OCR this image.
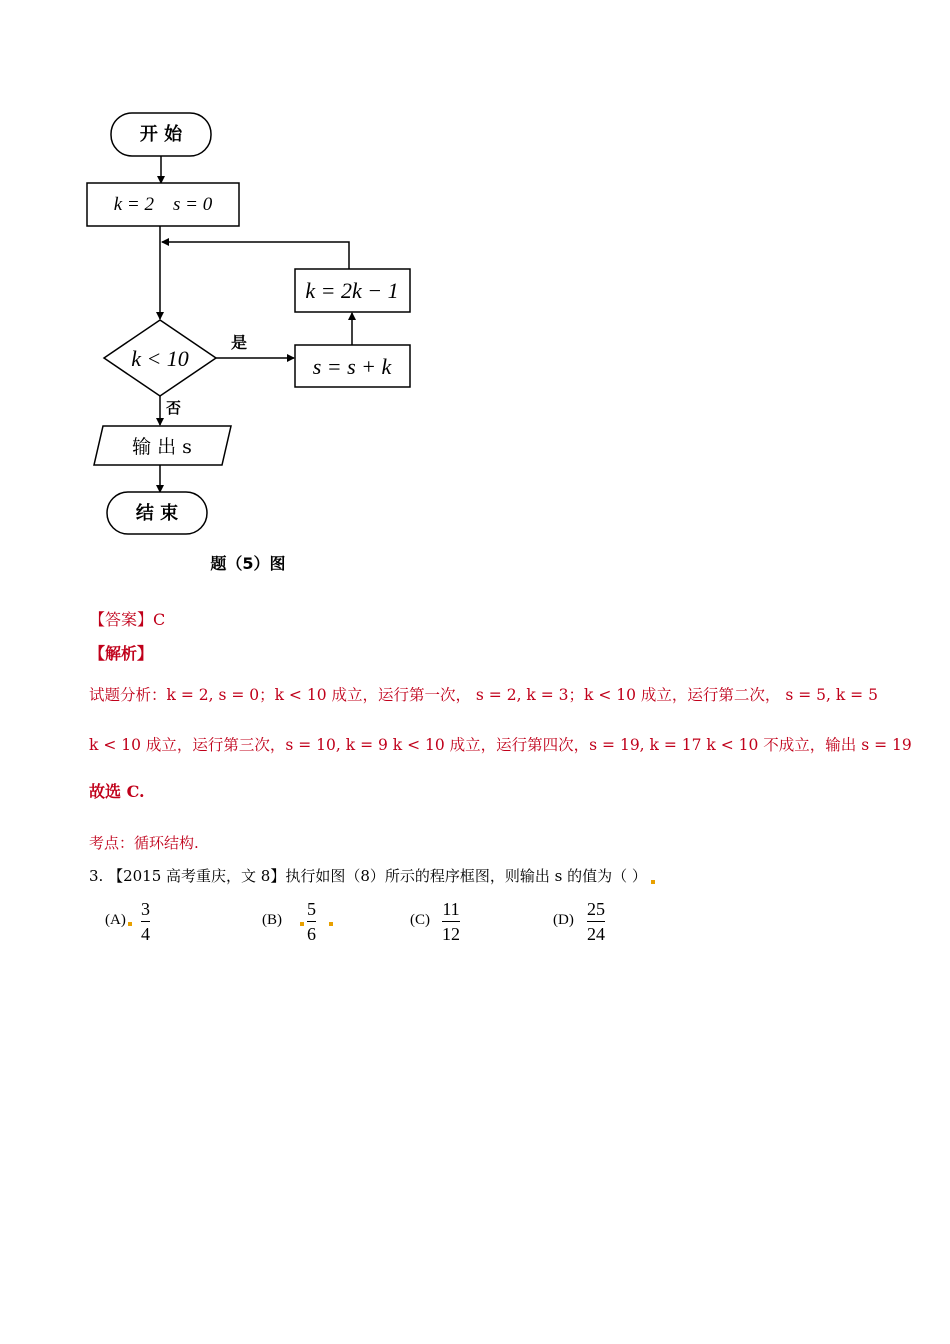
开 始
k = 2    s = 0
k = 2k − 1
k < 10
是
s = s + k
否
输 出 s
结 束
题（5）图
【答案】C
【解析】
试题分析：k = 2, s = 0；k < 10 成立，运行第一次， s = 2, k = 3；k < 10 成立，运行第二次， s = 5, k = 5
k < 10 成立，运行第三次，s = 10, k = 9 k < 10 成立，运行第四次，s = 19, k = 17 k < 10 不成立，输出 s = 19
故选 C.
考点：循环结构.
3. 【2015 高考重庆，文 8】执行如图（8）所示的程序框图，则输出 s 的值为（ ）
(A)
3
4
(B)
5
6
(C)
11
12
(D)
25
24
